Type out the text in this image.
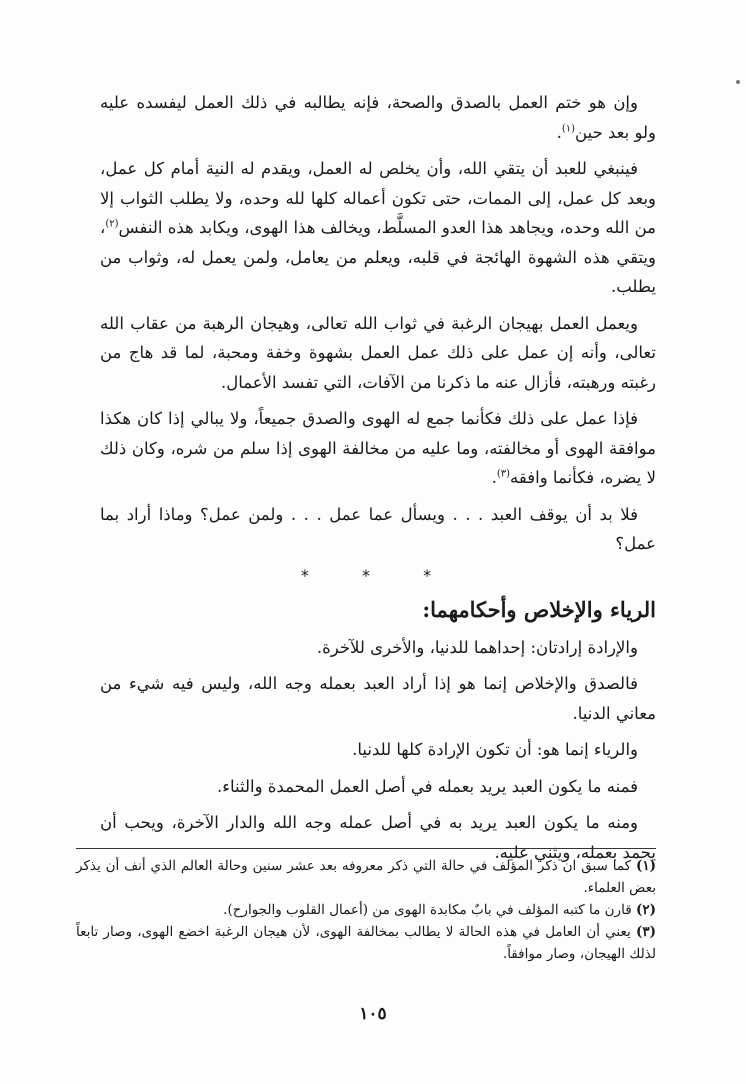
وإن هو ختم العمل بالصدق والصحة، فإنه يطالبه في ذلك العمل ليفسده عليه ولو بعد حين$^{(١)}$.

فينبغي للعبد أن يتقي الله، وأن يخلص له العمل، ويقدم له النية أمام كل عمل، وبعد كل عمل، إلى الممات، حتى تكون أعماله كلها لله وحده، ولا يطلب الثواب إلا من الله وحده، ويجاهد هذا العدو المسلَّط، ويخالف هذا الهوى، ويكابد هذه النفس$^{(٢)}$، ويتقي هذه الشهوة الهائجة في قلبه، ويعلم من يعامل، ولمن يعمل له، وثواب من يطلب.

ويعمل العمل بهيجان الرغبة في ثواب الله تعالى، وهيجان الرهبة من عقاب الله تعالى، وأنه إن عمل على ذلك عمل العمل بشهوة وخفة ومحبة، لما قد هاج من رغبته ورهبته، فأزال عنه ما ذكرنا من الآفات، التي تفسد الأعمال.

فإذا عمل على ذلك فكأنما جمع له الهوى والصدق جميعاً، ولا يبالي إذا كان هكذا موافقة الهوى أو مخالفته، وما عليه من مخالفة الهوى إذا سلم من شره، وكان ذلك لا يضره، فكأنما وافقه$^{(٣)}$.

فلا بد أن يوقف العبد . . . ويسأل عما عمل . . . ولمن عمل؟ وماذا أراد بما عمل؟

* * *
الرياء والإخلاص وأحكامهما:

والإرادة إرادتان: إحداهما للدنيا، والأخرى للآخرة.

فالصدق والإخلاص إنما هو إذا أراد العبد بعمله وجه الله، وليس فيه شيء من معاني الدنيا.

والرياء إنما هو: أن تكون الإرادة كلها للدنيا.

فمنه ما يكون العبد يريد بعمله في أصل العمل المحمدة والثناء.

ومنه ما يكون العبد يريد به في أصل عمله وجه الله والدار الآخرة، ويحب أن يحمد بعمله، ويثني عليه.

(١) كما سبق ان ذكر المؤلف في حالة التي ذكر معروفه بعد عشر سنين وحالة العالم الذي أنف أن يذكر بعض العلماء.

(٢) قارن ما كتبه المؤلف في بابٌ مكابدة الهوى من (أعمال القلوب والجوارح).

(٣) يعني أن العامل في هذه الحالة لا يطالب بمخالفة الهوى، لأن هيجان الرغبة اخضع الهوى، وصار تابعاً لذلك الهيجان، وصار موافقاً.

١٠٥
